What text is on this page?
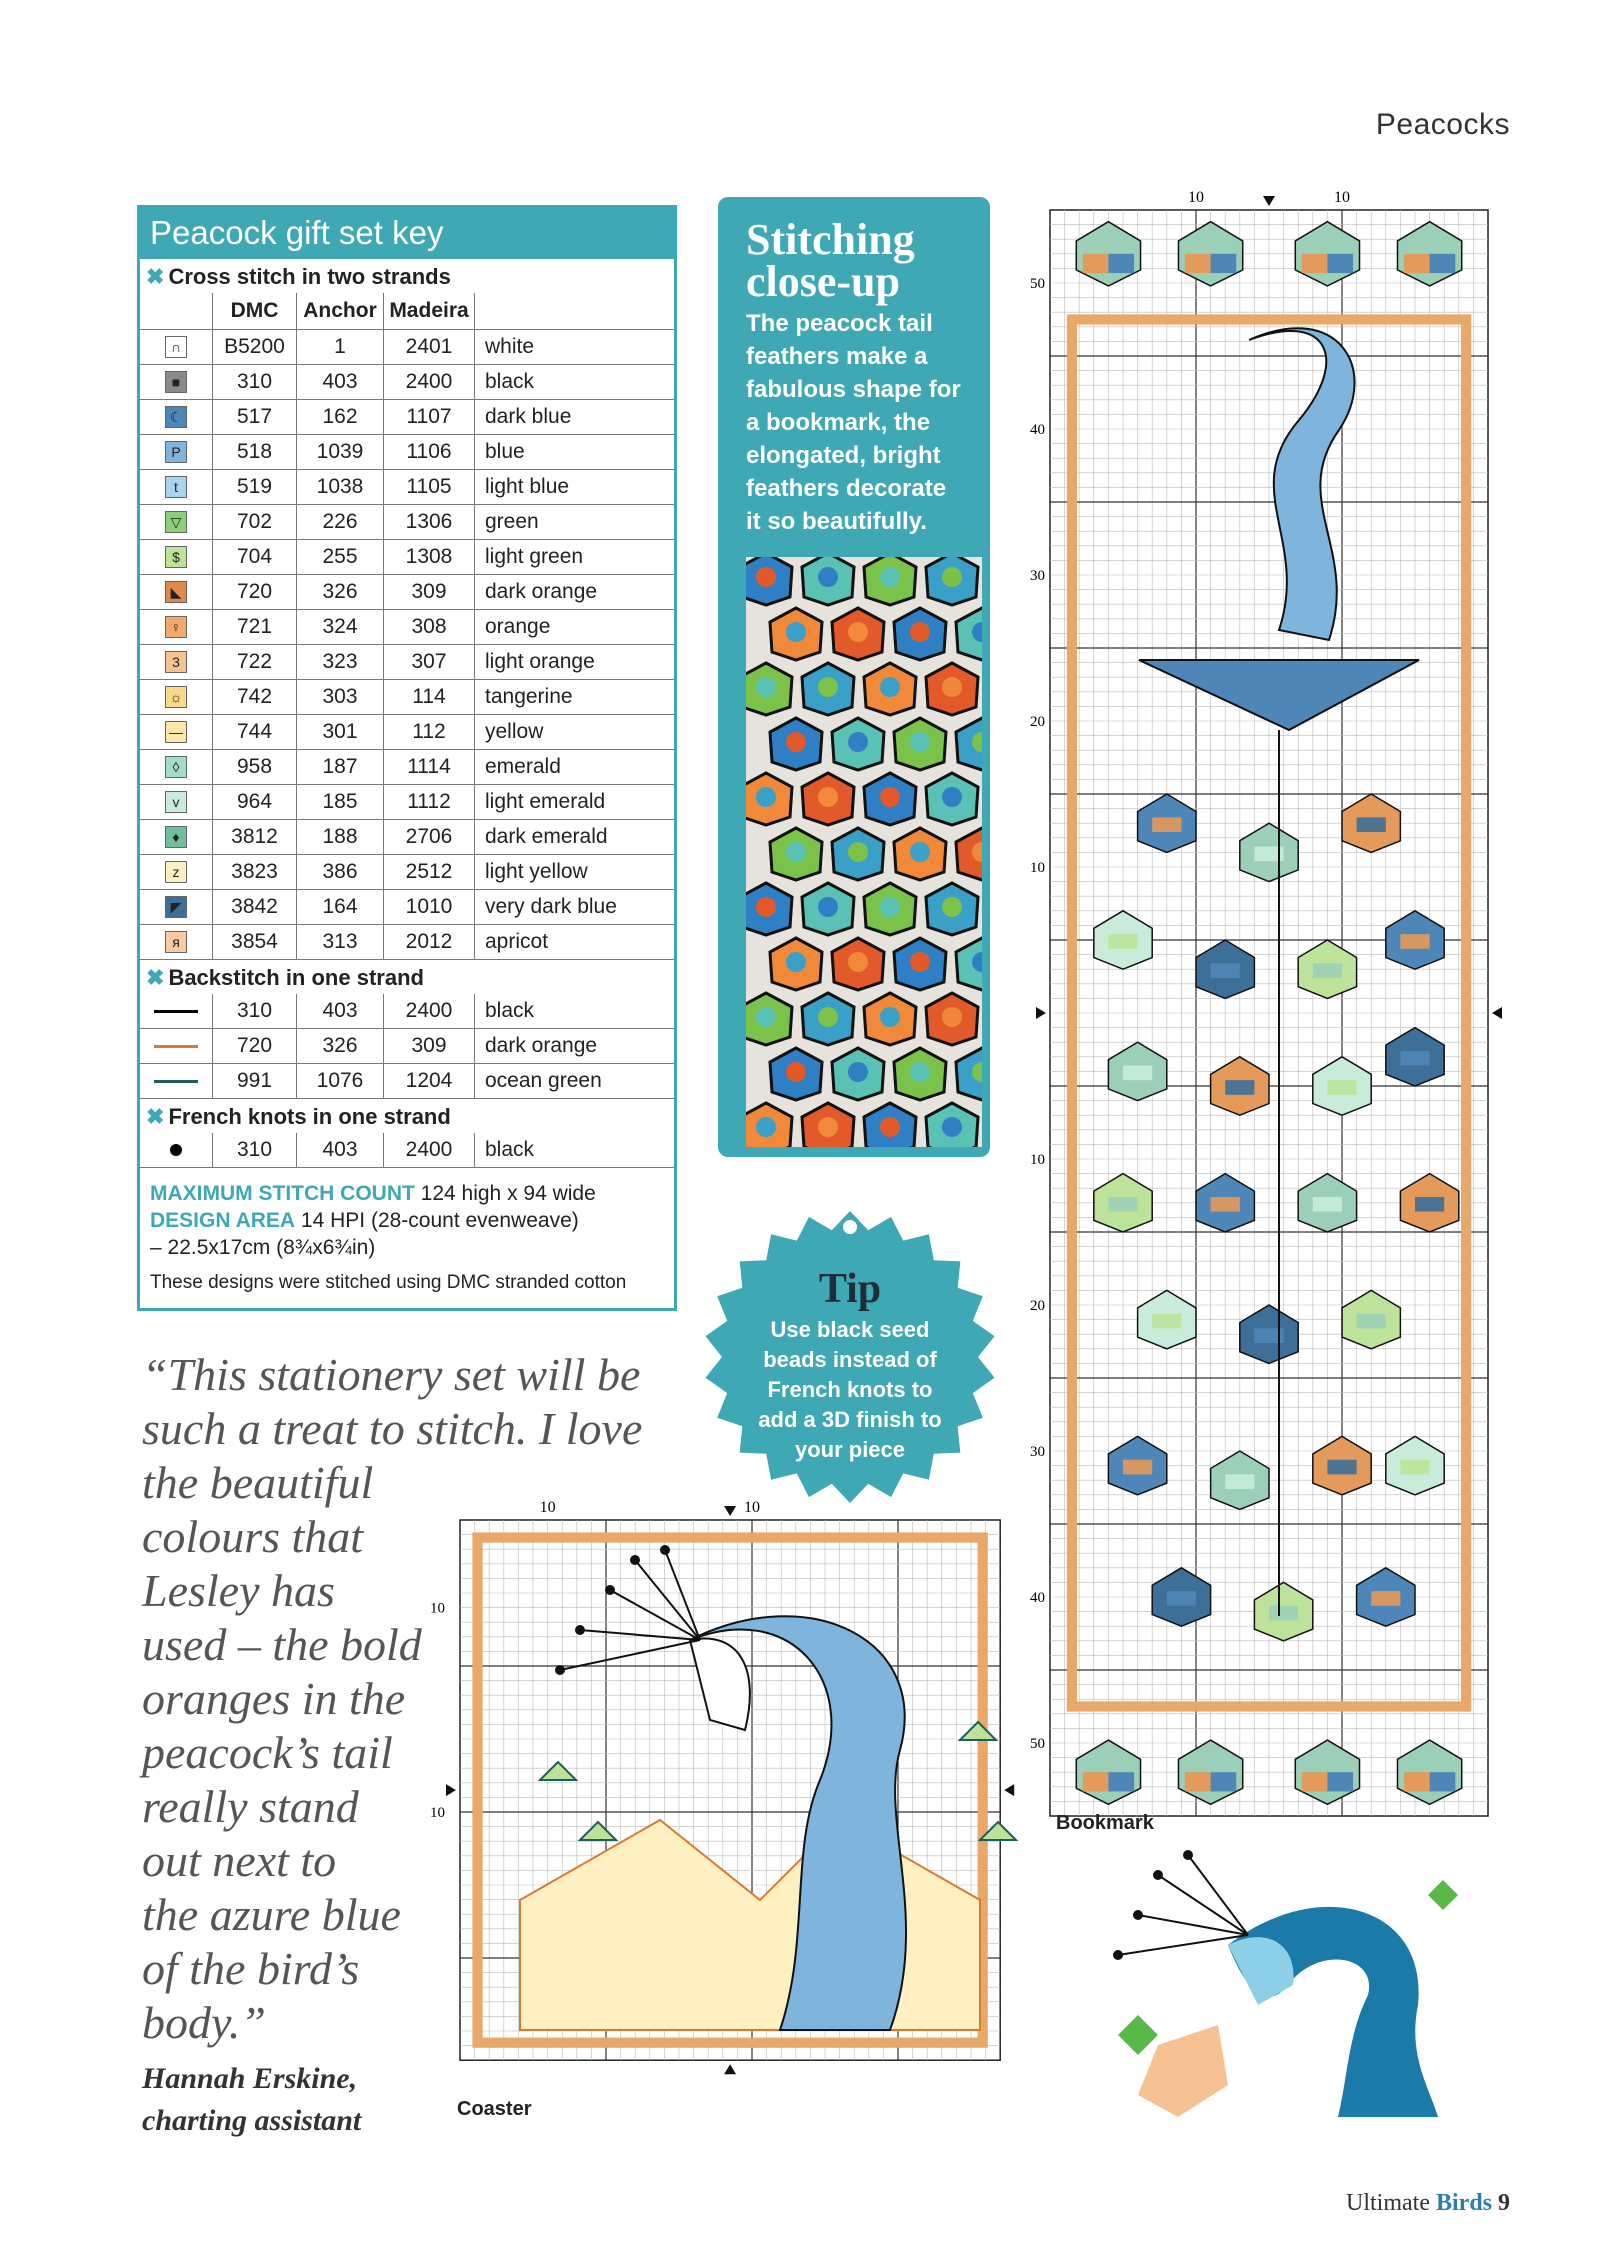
Peacocks
Peacock gift set key
✖ Cross stitch in two strands
	DMC	Anchor	Madeira	
∩	B5200	1	2401	white
■	310	403	2400	black
☾	517	162	1107	dark blue
P	518	1039	1106	blue
t	519	1038	1105	light blue
▽	702	226	1306	green
$	704	255	1308	light green
◣	720	326	309	dark orange
♀	721	324	308	orange
3	722	323	307	light orange
☼	742	303	114	tangerine
—	744	301	112	yellow
◊	958	187	1114	emerald
v	964	185	1112	light emerald
♦	3812	188	2706	dark emerald
z	3823	386	2512	light yellow
◤	3842	164	1010	very dark blue
я	3854	313	2012	apricot
✖ Backstitch in one strand
	310	403	2400	black
	720	326	309	dark orange
	991	1076	1204	ocean green
✖ French knots in one strand
	310	403	2400	black
MAXIMUM STITCH COUNT 124 high x 94 wide
DESIGN AREA 14 HPI (28-count evenweave)
– 22.5x17cm (8¾x6¾in)
These designs were stitched using DMC stranded cotton
Stitching
close-up
The peacock tail
feathers make a
fabulous shape for
a bookmark, the
elongated, bright
feathers decorate
it so beautifully.
Tip
Use black seed
beads instead of
French knots to
add a 3D finish to
your piece
“This stationery set will be
such a treat to stitch. I love
the beautiful
colours that
Lesley has
used – the bold
oranges in the
peacock’s tail
really stand
out next to
the azure blue
of the bird’s
body.”
Hannah Erskine,
charting assistant
10	10
50
40
30
20
10
10
20
30
40
50
Bookmark
10	10
10
10
Coaster
Ultimate Birds 9
